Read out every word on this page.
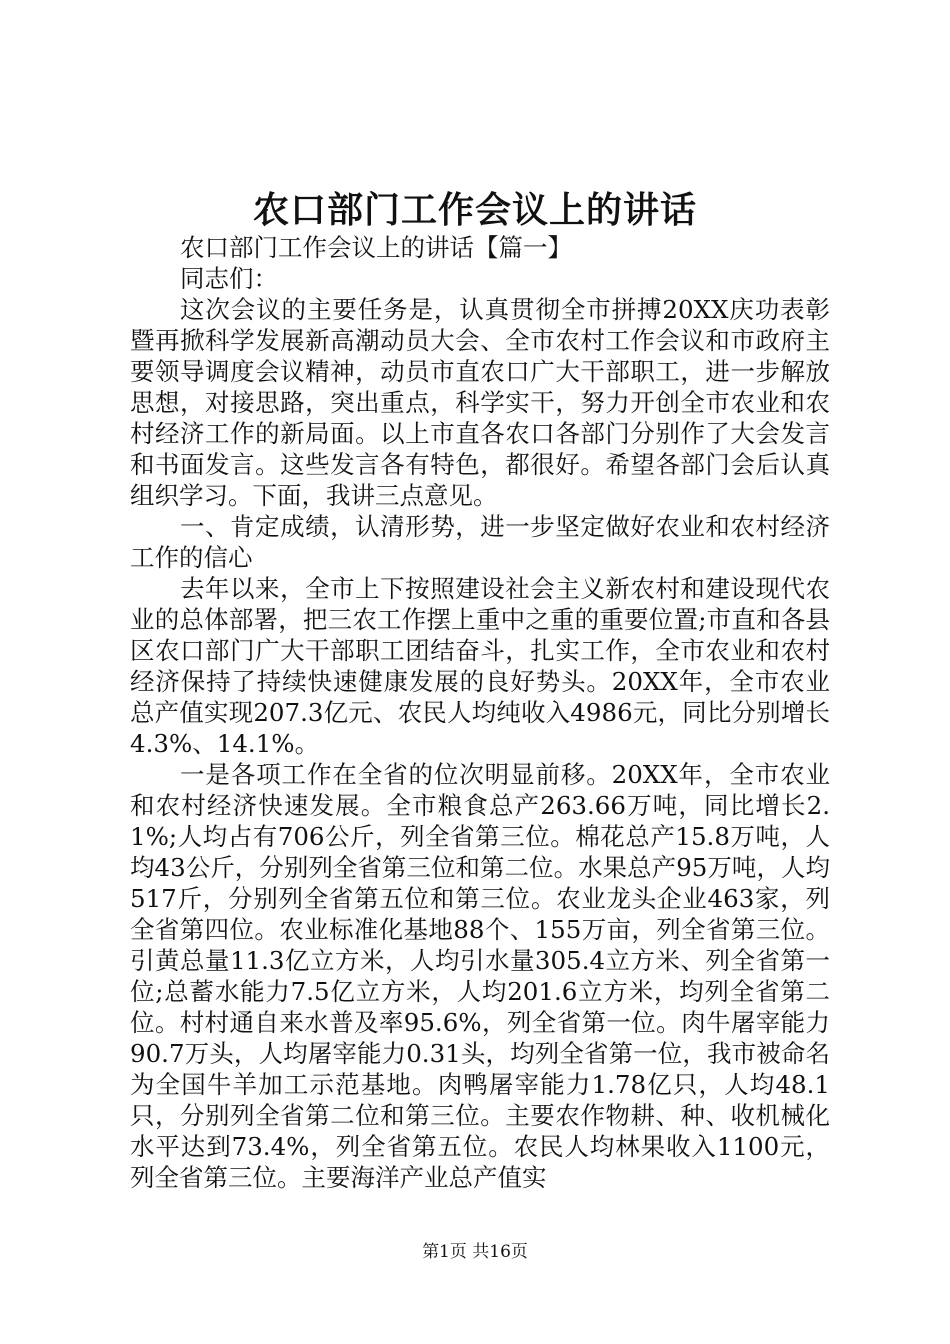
农口部门工作会议上的讲话

农口部门工作会议上的讲话【篇一】

同志们：

这次会议的主要任务是，认真贯彻全市拼搏20XX庆功表彰暨再掀科学发展新高潮动员大会、全市农村工作会议和市政府主要领导调度会议精神，动员市直农口广大干部职工，进一步解放思想，对接思路，突出重点，科学实干，努力开创全市农业和农村经济工作的新局面。以上市直各农口各部门分别作了大会发言和书面发言。这些发言各有特色，都很好。希望各部门会后认真组织学习。下面，我讲三点意见。

一、肯定成绩，认清形势，进一步坚定做好农业和农村经济工作的信心

去年以来，全市上下按照建设社会主义新农村和建设现代农业的总体部署，把三农工作摆上重中之重的重要位置;市直和各县区农口部门广大干部职工团结奋斗，扎实工作，全市农业和农村经济保持了持续快速健康发展的良好势头。20XX年，全市农业总产值实现207.3亿元、农民人均纯收入4986元，同比分别增长4.3%、14.1%。

一是各项工作在全省的位次明显前移。20XX年，全市农业和农村经济快速发展。全市粮食总产263.66万吨，同比增长2.1%;人均占有706公斤，列全省第三位。棉花总产15.8万吨，人均43公斤，分别列全省第三位和第二位。水果总产95万吨，人均517斤，分别列全省第五位和第三位。农业龙头企业463家，列全省第四位。农业标准化基地88个、155万亩，列全省第三位。引黄总量11.3亿立方米，人均引水量305.4立方米、列全省第一位;总蓄水能力7.5亿立方米，人均201.6立方米，均列全省第二位。村村通自来水普及率95.6%，列全省第一位。肉牛屠宰能力90.7万头，人均屠宰能力0.31头，均列全省第一位，我市被命名为全国牛羊加工示范基地。肉鸭屠宰能力1.78亿只，人均48.1只，分别列全省第二位和第三位。主要农作物耕、种、收机械化水平达到73.4%，列全省第五位。农民人均林果收入1100元，列全省第三位。主要海洋产业总产值实

第1页 共16页
